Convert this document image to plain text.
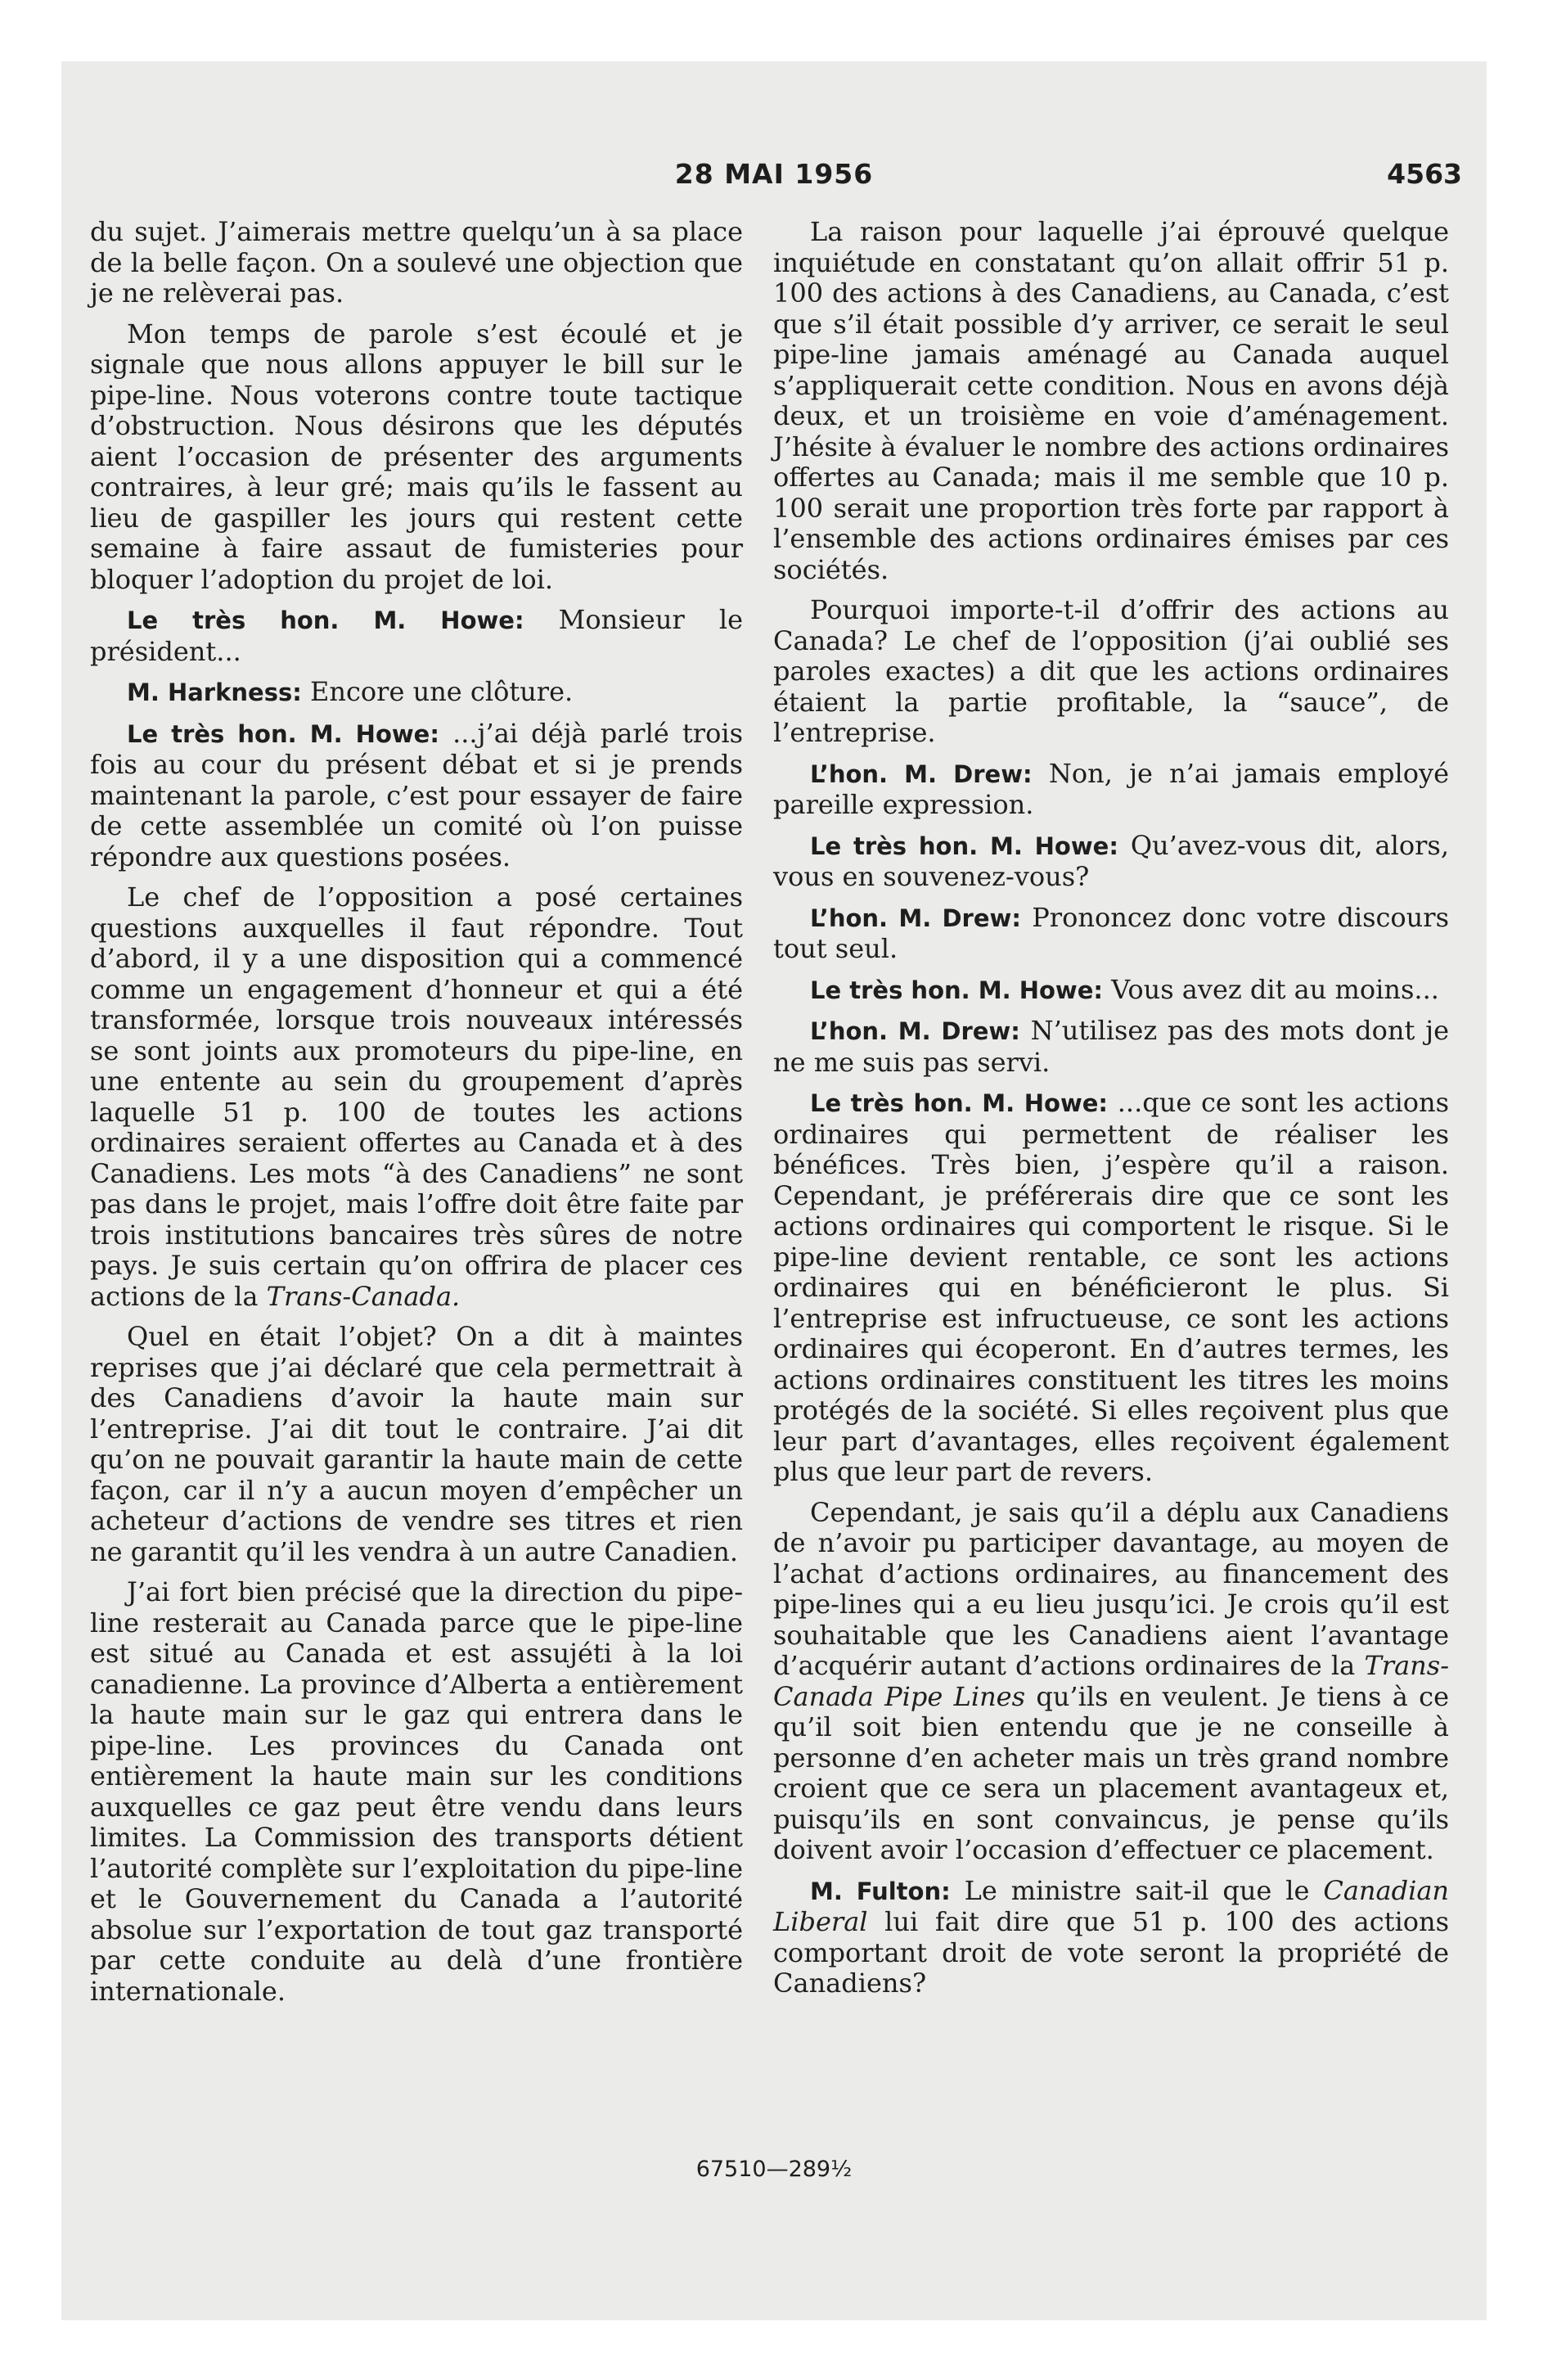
28 MAI 1956	4563

du sujet. J’aimerais mettre quelqu’un à sa place de la belle façon. On a soulevé une objection que je ne relèverai pas.

Mon temps de parole s’est écoulé et je signale que nous allons appuyer le bill sur le pipe-line. Nous voterons contre toute tactique d’obstruction. Nous désirons que les députés aient l’occasion de présenter des arguments contraires, à leur gré; mais qu’ils le fassent au lieu de gaspiller les jours qui restent cette semaine à faire assaut de fumisteries pour bloquer l’adoption du projet de loi.

Le très hon. M. Howe: Monsieur le président...

M. Harkness: Encore une clôture.

Le très hon. M. Howe: ...j’ai déjà parlé trois fois au cour du présent débat et si je prends maintenant la parole, c’est pour essayer de faire de cette assemblée un comité où l’on puisse répondre aux questions posées.

Le chef de l’opposition a posé certaines questions auxquelles il faut répondre. Tout d’abord, il y a une disposition qui a commencé comme un engagement d’honneur et qui a été transformée, lorsque trois nouveaux intéressés se sont joints aux promoteurs du pipe-line, en une entente au sein du groupement d’après laquelle 51 p. 100 de toutes les actions ordinaires seraient offertes au Canada et à des Canadiens. Les mots “à des Canadiens” ne sont pas dans le projet, mais l’offre doit être faite par trois institutions bancaires très sûres de notre pays. Je suis certain qu’on offrira de placer ces actions de la Trans-Canada.

Quel en était l’objet? On a dit à maintes reprises que j’ai déclaré que cela permettrait à des Canadiens d’avoir la haute main sur l’entreprise. J’ai dit tout le contraire. J’ai dit qu’on ne pouvait garantir la haute main de cette façon, car il n’y a aucun moyen d’empêcher un acheteur d’actions de vendre ses titres et rien ne garantit qu’il les vendra à un autre Canadien.

J’ai fort bien précisé que la direction du pipe-line resterait au Canada parce que le pipe-line est situé au Canada et est assujéti à la loi canadienne. La province d’Alberta a entièrement la haute main sur le gaz qui entrera dans le pipe-line. Les provinces du Canada ont entièrement la haute main sur les conditions auxquelles ce gaz peut être vendu dans leurs limites. La Commission des transports détient l’autorité complète sur l’exploitation du pipe-line et le Gouvernement du Canada a l’autorité absolue sur l’exportation de tout gaz transporté par cette conduite au delà d’une frontière internationale.

La raison pour laquelle j’ai éprouvé quelque inquiétude en constatant qu’on allait offrir 51 p. 100 des actions à des Canadiens, au Canada, c’est que s’il était possible d’y arriver, ce serait le seul pipe-line jamais aménagé au Canada auquel s’appliquerait cette condition. Nous en avons déjà deux, et un troisième en voie d’aménagement. J’hésite à évaluer le nombre des actions ordinaires offertes au Canada; mais il me semble que 10 p. 100 serait une proportion très forte par rapport à l’ensemble des actions ordinaires émises par ces sociétés.

Pourquoi importe-t-il d’offrir des actions au Canada? Le chef de l’opposition (j’ai oublié ses paroles exactes) a dit que les actions ordinaires étaient la partie profitable, la “sauce”, de l’entreprise.

L’hon. M. Drew: Non, je n’ai jamais employé pareille expression.

Le très hon. M. Howe: Qu’avez-vous dit, alors, vous en souvenez-vous?

L’hon. M. Drew: Prononcez donc votre discours tout seul.

Le très hon. M. Howe: Vous avez dit au moins...

L’hon. M. Drew: N’utilisez pas des mots dont je ne me suis pas servi.

Le très hon. M. Howe: ...que ce sont les actions ordinaires qui permettent de réaliser les bénéfices. Très bien, j’espère qu’il a raison. Cependant, je préférerais dire que ce sont les actions ordinaires qui comportent le risque. Si le pipe-line devient rentable, ce sont les actions ordinaires qui en bénéficieront le plus. Si l’entreprise est infructueuse, ce sont les actions ordinaires qui écoperont. En d’autres termes, les actions ordinaires constituent les titres les moins protégés de la société. Si elles reçoivent plus que leur part d’avantages, elles reçoivent également plus que leur part de revers.

Cependant, je sais qu’il a déplu aux Canadiens de n’avoir pu participer davantage, au moyen de l’achat d’actions ordinaires, au financement des pipe-lines qui a eu lieu jusqu’ici. Je crois qu’il est souhaitable que les Canadiens aient l’avantage d’acquérir autant d’actions ordinaires de la Trans-Canada Pipe Lines qu’ils en veulent. Je tiens à ce qu’il soit bien entendu que je ne conseille à personne d’en acheter mais un très grand nombre croient que ce sera un placement avantageux et, puisqu’ils en sont convaincus, je pense qu’ils doivent avoir l’occasion d’effectuer ce placement.

M. Fulton: Le ministre sait-il que le Canadian Liberal lui fait dire que 51 p. 100 des actions comportant droit de vote seront la propriété de Canadiens?

67510—289½
